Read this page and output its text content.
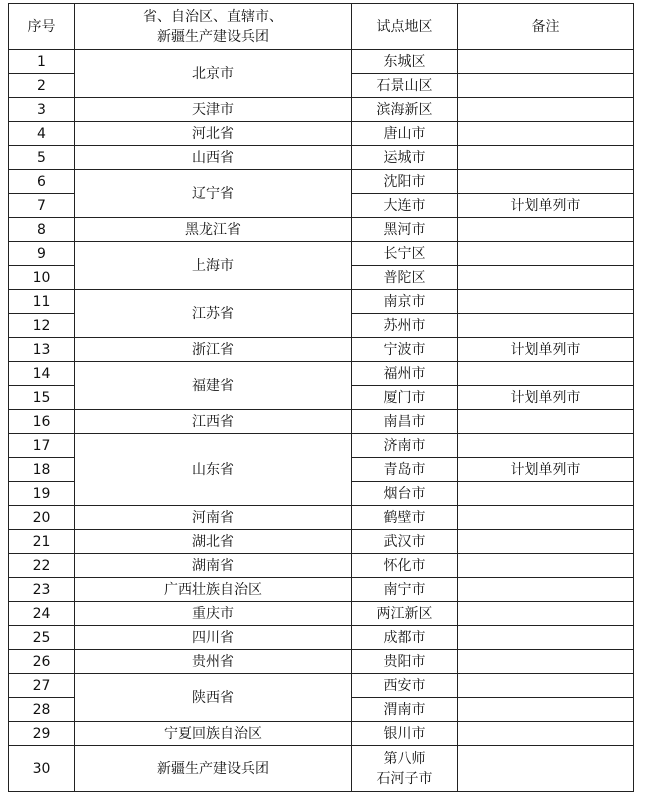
序号	省、自治区、直辖市、
新疆生产建设兵团	试点地区	备注

1	北京市	东城区	

2		石景山区	

3	天津市	滨海新区	

4	河北省	唐山市	

5	山西省	运城市	

6	辽宁省	沈阳市	

7		大连市	计划单列市

8	黑龙江省	黑河市	

9	上海市	长宁区	

10		普陀区	

11	江苏省	南京市	

12		苏州市	

13	浙江省	宁波市	计划单列市

14	福建省	福州市	

15		厦门市	计划单列市

16	江西省	南昌市	

17	山东省	济南市	

18		青岛市	计划单列市

19		烟台市	

20	河南省	鹤壁市	

21	湖北省	武汉市	

22	湖南省	怀化市	

23	广西壮族自治区	南宁市	

24	重庆市	两江新区	

25	四川省	成都市	

26	贵州省	贵阳市	

27	陕西省	西安市	

28		渭南市	

29	宁夏回族自治区	银川市	

30	新疆生产建设兵团	第八师
石河子市	
